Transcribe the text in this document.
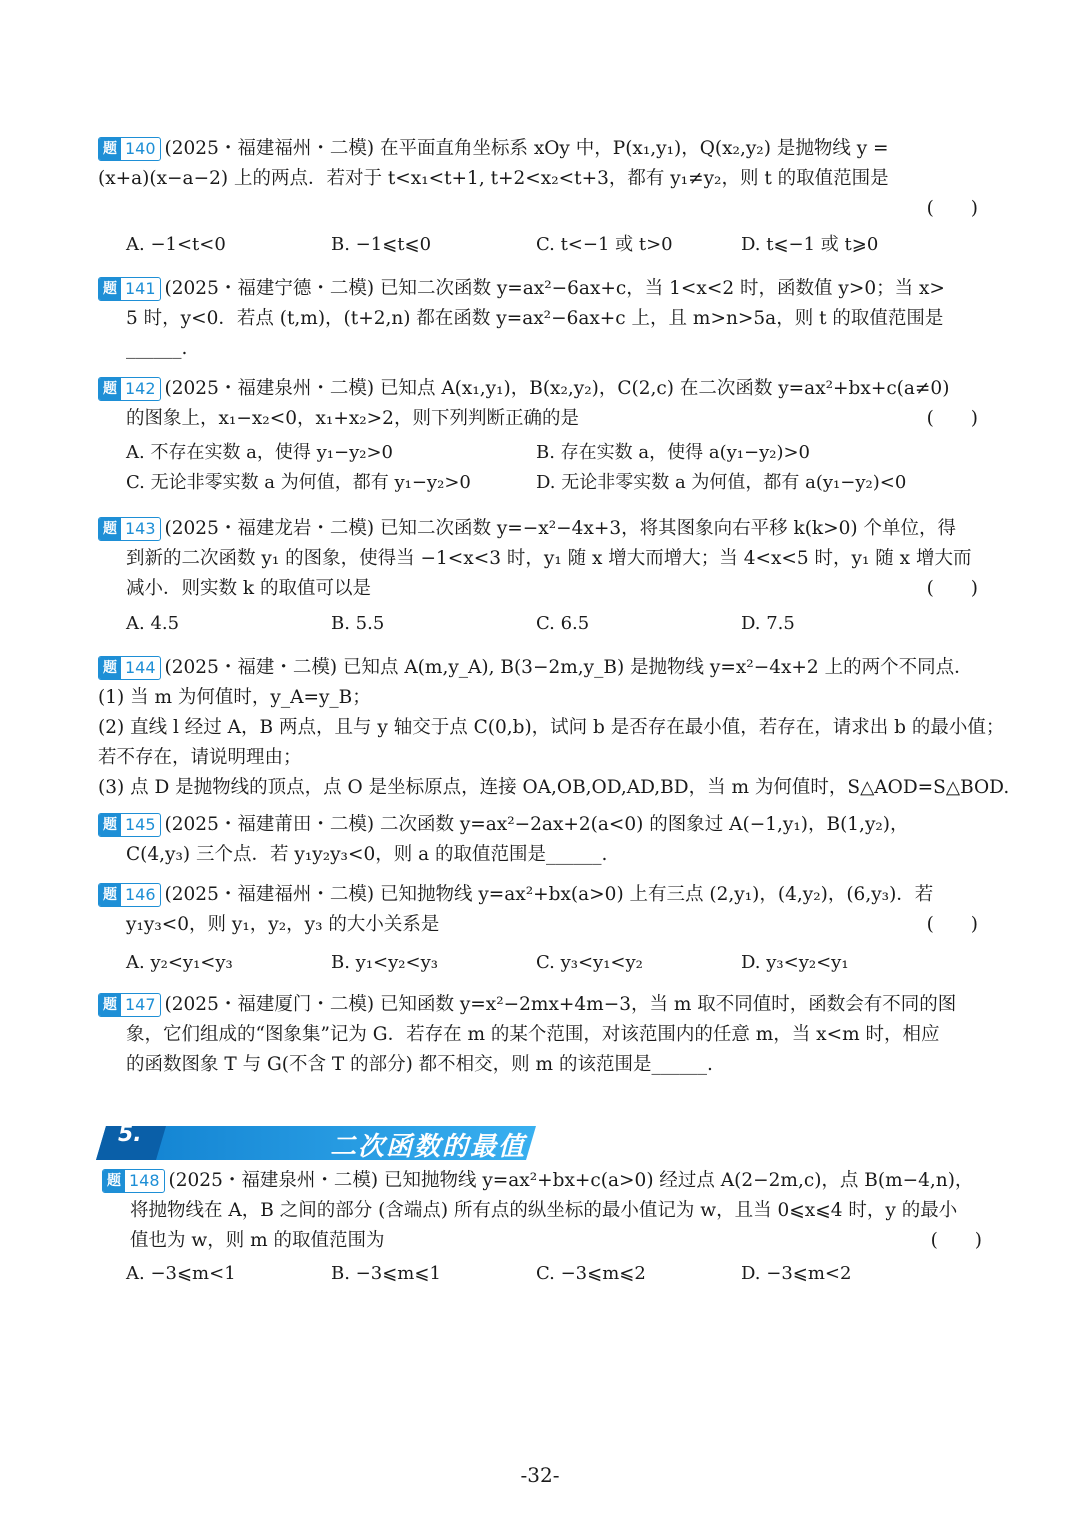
题 140 (2025・福建福州・二模) 在平面直角坐标系 xOy 中，P(x₁,y₁)，Q(x₂,y₂) 是抛物线 y =
(x+a)(x−a−2) 上的两点．若对于 t<x₁<t+1, t+2<x₂<t+3，都有 y₁≠y₂，则 t 的取值范围是
(　　)
A. −1<t<0	B. −1⩽t⩽0	C. t<−1 或 t>0	D. t⩽−1 或 t⩾0
题 141 (2025・福建宁德・二模) 已知二次函数 y=ax²−6ax+c，当 1<x<2 时，函数值 y>0；当 x>
5 时，y<0．若点 (t,m)，(t+2,n) 都在函数 y=ax²−6ax+c 上，且 m>n>5a，则 t 的取值范围是
______.
题 142 (2025・福建泉州・二模) 已知点 A(x₁,y₁)，B(x₂,y₂)，C(2,c) 在二次函数 y=ax²+bx+c(a≠0)
的图象上，x₁−x₂<0，x₁+x₂>2，则下列判断正确的是	(　　)
A. 不存在实数 a，使得 y₁−y₂>0	B. 存在实数 a，使得 a(y₁−y₂)>0
C. 无论非零实数 a 为何值，都有 y₁−y₂>0	D. 无论非零实数 a 为何值，都有 a(y₁−y₂)<0
题 143 (2025・福建龙岩・二模) 已知二次函数 y=−x²−4x+3，将其图象向右平移 k(k>0) 个单位，得
到新的二次函数 y₁ 的图象，使得当 −1<x<3 时，y₁ 随 x 增大而增大；当 4<x<5 时，y₁ 随 x 增大而
减小．则实数 k 的取值可以是	(　　)
A. 4.5	B. 5.5	C. 6.5	D. 7.5
题 144 (2025・福建・二模) 已知点 A(m,y_A), B(3−2m,y_B) 是抛物线 y=x²−4x+2 上的两个不同点．
(1) 当 m 为何值时，y_A=y_B；
(2) 直线 l 经过 A，B 两点，且与 y 轴交于点 C(0,b)，试问 b 是否存在最小值，若存在，请求出 b 的最小值；
若不存在，请说明理由；
(3) 点 D 是抛物线的顶点，点 O 是坐标原点，连接 OA,OB,OD,AD,BD，当 m 为何值时，S△AOD=S△BOD.
题 145 (2025・福建莆田・二模) 二次函数 y=ax²−2ax+2(a<0) 的图象过 A(−1,y₁)，B(1,y₂)，
C(4,y₃) 三个点．若 y₁y₂y₃<0，则 a 的取值范围是______.
题 146 (2025・福建福州・二模) 已知抛物线 y=ax²+bx(a>0) 上有三点 (2,y₁)，(4,y₂)，(6,y₃)．若
y₁y₃<0，则 y₁，y₂，y₃ 的大小关系是	(　　)
A. y₂<y₁<y₃	B. y₁<y₂<y₃	C. y₃<y₁<y₂	D. y₃<y₂<y₁
题 147 (2025・福建厦门・二模) 已知函数 y=x²−2mx+4m−3，当 m 取不同值时，函数会有不同的图
象，它们组成的“图象集”记为 G．若存在 m 的某个范围，对该范围内的任意 m，当 x<m 时，相应
的函数图象 T 与 G(不含 T 的部分) 都不相交，则 m 的该范围是______.
5.	二次函数的最值
题 148 (2025・福建泉州・二模) 已知抛物线 y=ax²+bx+c(a>0) 经过点 A(2−2m,c)，点 B(m−4,n)，
将抛物线在 A，B 之间的部分 (含端点) 所有点的纵坐标的最小值记为 w，且当 0⩽x⩽4 时，y 的最小
值也为 w，则 m 的取值范围为	(　　)
A. −3⩽m<1	B. −3⩽m⩽1	C. −3⩽m⩽2	D. −3⩽m<2
-32-
